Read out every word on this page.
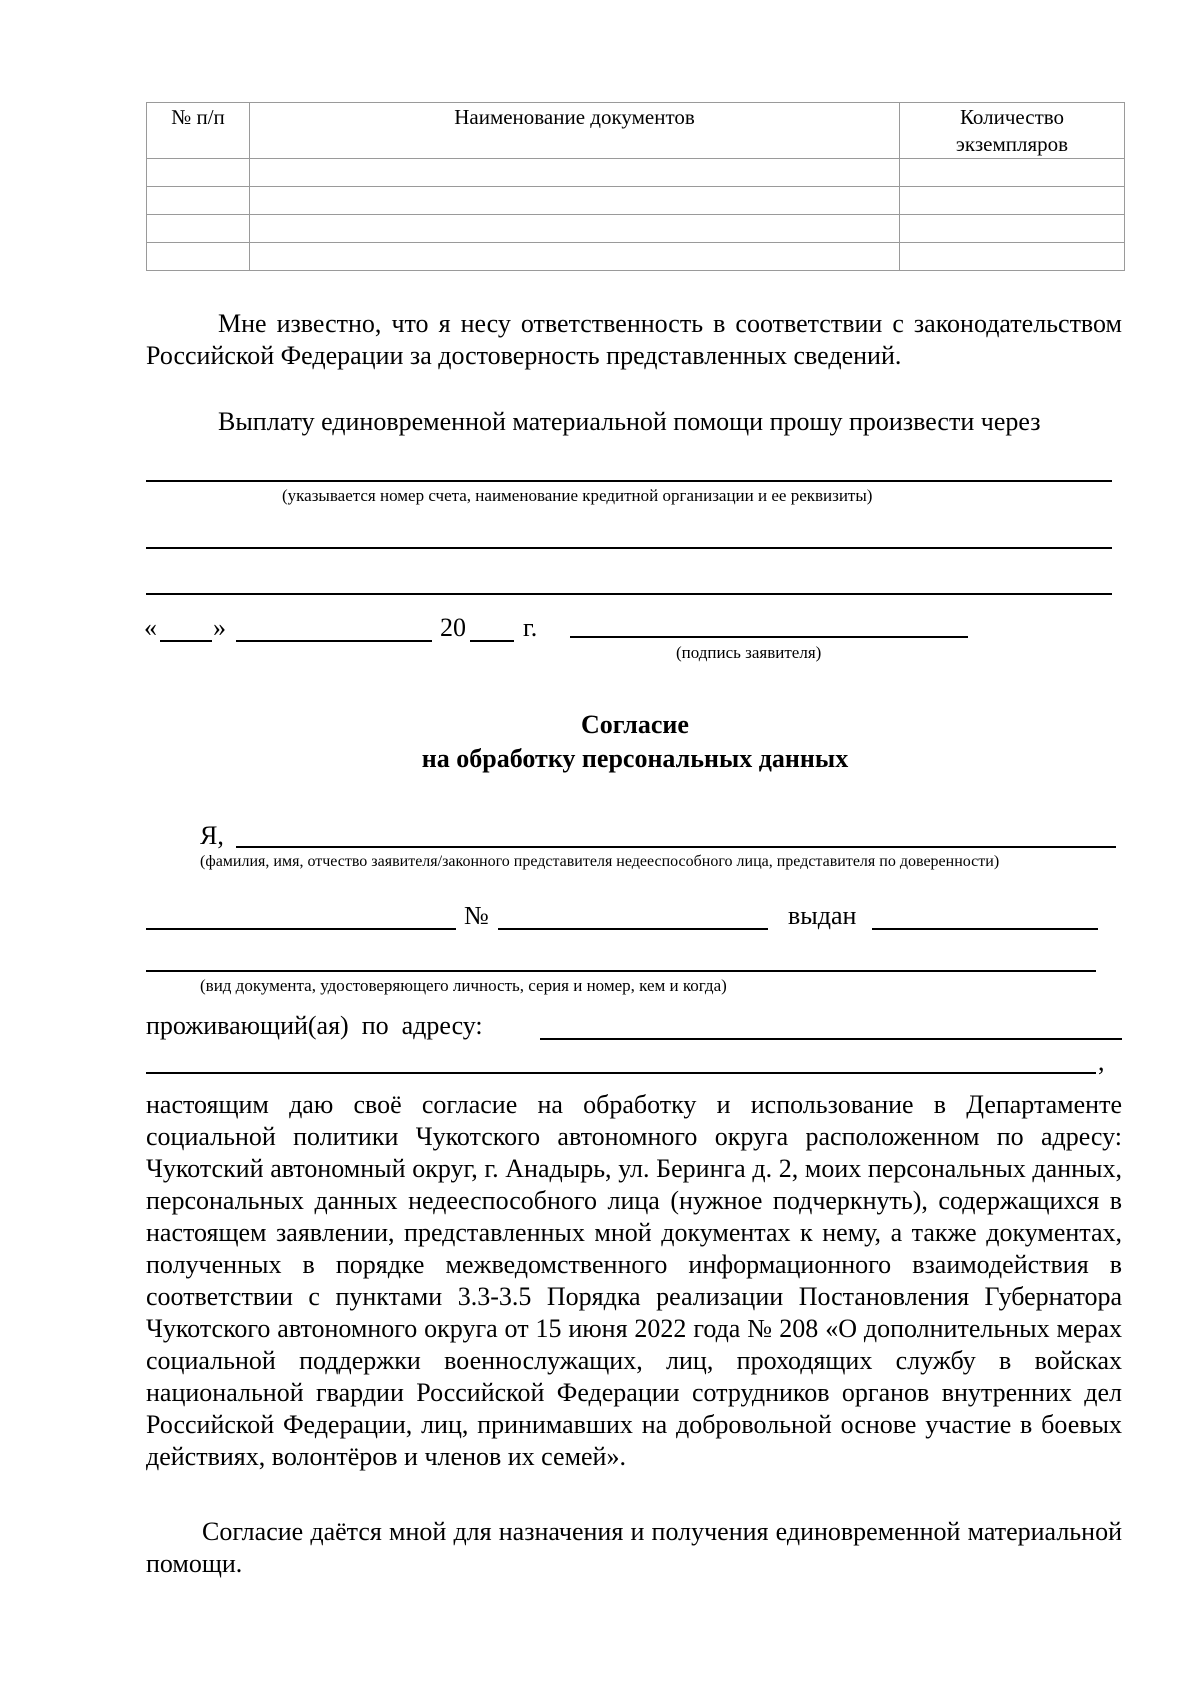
№ п/п	Наименование документов	Количество экземпляров

Мне известно, что я несу ответственность в соответствии с законодательством Российской Федерации за достоверность представленных сведений.

Выплату единовременной материальной помощи прошу произвести через

(указывается номер счета, наименование кредитной организации и ее реквизиты)
« »	20 г.
(подпись заявителя)
Согласие
на обработку персональных данных
Я,
(фамилия, имя, отчество заявителя/законного представителя недееспособного лица, представителя по доверенности)
№	выдан
(вид документа, удостоверяющего личность, серия и номер, кем и когда)
проживающий(ая)  по  адресу:
,

настоящим даю своё согласие на обработку и использование в Департаменте социальной политики Чукотского автономного округа расположенном по адресу: Чукотский автономный округ, г. Анадырь, ул. Беринга д. 2, моих персональных данных, персональных данных недееспособного лица (нужное подчеркнуть), содержащихся в настоящем заявлении, представленных мной документах к нему, а также документах, полученных в порядке межведомственного информационного взаимодействия в соответствии с пунктами 3.3-3.5 Порядка реализации Постановления Губернатора Чукотского автономного округа от 15 июня 2022 года № 208 «О дополнительных мерах социальной поддержки военнослужащих, лиц, проходящих службу в войсках национальной гвардии Российской Федерации сотрудников органов внутренних дел Российской Федерации, лиц, принимавших на добровольной основе участие в боевых действиях, волонтёров и членов их семей».

Согласие даётся мной для назначения и получения единовременной материальной помощи.
